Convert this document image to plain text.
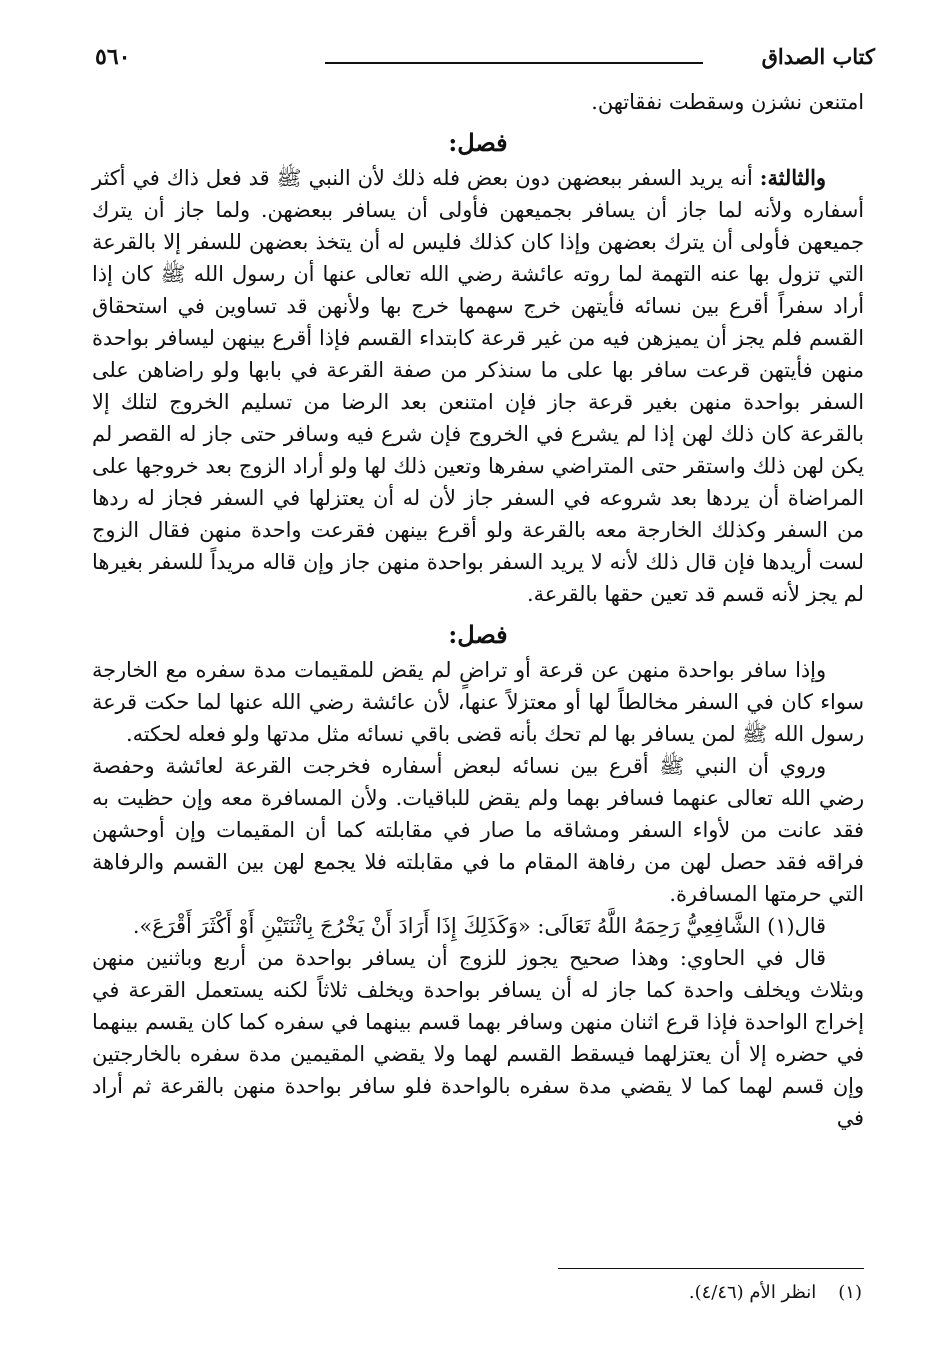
٥٦٠	كتاب الصداق

امتنعن نشزن وسقطت نفقاتهن.

فصل:

والثالثة: أنه يريد السفر ببعضهن دون بعض فله ذلك لأن النبي ﷺ قد فعل ذاك في أكثر أسفاره ولأنه لما جاز أن يسافر بجميعهن فأولى أن يسافر ببعضهن. ولما جاز أن يترك جميعهن فأولى أن يترك بعضهن وإذا كان كذلك فليس له أن يتخذ بعضهن للسفر إلا بالقرعة التي تزول بها عنه التهمة لما روته عائشة رضي الله تعالى عنها أن رسول الله ﷺ كان إذا أراد سفراً أقرع بين نسائه فأيتهن خرج سهمها خرج بها ولأنهن قد تساوين في استحقاق القسم فلم يجز أن يميزهن فيه من غير قرعة كابتداء القسم فإذا أقرع بينهن ليسافر بواحدة منهن فأيتهن قرعت سافر بها على ما سنذكر من صفة القرعة في بابها ولو راضاهن على السفر بواحدة منهن بغير قرعة جاز فإن امتنعن بعد الرضا من تسليم الخروج لتلك إلا بالقرعة كان ذلك لهن إذا لم يشرع في الخروج فإن شرع فيه وسافر حتى جاز له القصر لم يكن لهن ذلك واستقر حتى المتراضي سفرها وتعين ذلك لها ولو أراد الزوج بعد خروجها على المراضاة أن يردها بعد شروعه في السفر جاز لأن له أن يعتزلها في السفر فجاز له ردها من السفر وكذلك الخارجة معه بالقرعة ولو أقرع بينهن فقرعت واحدة منهن فقال الزوج لست أريدها فإن قال ذلك لأنه لا يريد السفر بواحدة منهن جاز وإن قاله مريداً للسفر بغيرها لم يجز لأنه قسم قد تعين حقها بالقرعة.

فصل:

وإذا سافر بواحدة منهن عن قرعة أو تراضٍ لم يقض للمقيمات مدة سفره مع الخارجة سواء كان في السفر مخالطاً لها أو معتزلاً عنها، لأن عائشة رضي الله عنها لما حكت قرعة رسول الله ﷺ لمن يسافر بها لم تحك بأنه قضى باقي نسائه مثل مدتها ولو فعله لحكته.

وروي أن النبي ﷺ أقرع بين نسائه لبعض أسفاره فخرجت القرعة لعائشة وحفصة رضي الله تعالى عنهما فسافر بهما ولم يقض للباقيات. ولأن المسافرة معه وإن حظيت به فقد عانت من لأواء السفر ومشاقه ما صار في مقابلته كما أن المقيمات وإن أوحشهن فراقه فقد حصل لهن من رفاهة المقام ما في مقابلته فلا يجمع لهن بين القسم والرفاهة التي حرمتها المسافرة.

قال(١) الشَّافِعِيُّ رَحِمَهُ اللَّهُ تَعَالَى: «وَكَذَلِكَ إِذَا أَرَادَ أَنْ يَخْرُجَ بِاثْنَتَيْنِ أَوْ أَكْثَرَ أَقْرَعَ».

قال في الحاوي: وهذا صحيح يجوز للزوج أن يسافر بواحدة من أربع وباثنين منهن وبثلاث ويخلف واحدة كما جاز له أن يسافر بواحدة ويخلف ثلاثاً لكنه يستعمل القرعة في إخراج الواحدة فإذا قرع اثنان منهن وسافر بهما قسم بينهما في سفره كما كان يقسم بينهما في حضره إلا أن يعتزلهما فيسقط القسم لهما ولا يقضي المقيمين مدة سفره بالخارجتين وإن قسم لهما كما لا يقضي مدة سفره بالواحدة فلو سافر بواحدة منهن بالقرعة ثم أراد في

(١)انظر الأم (٤/٤٦).
